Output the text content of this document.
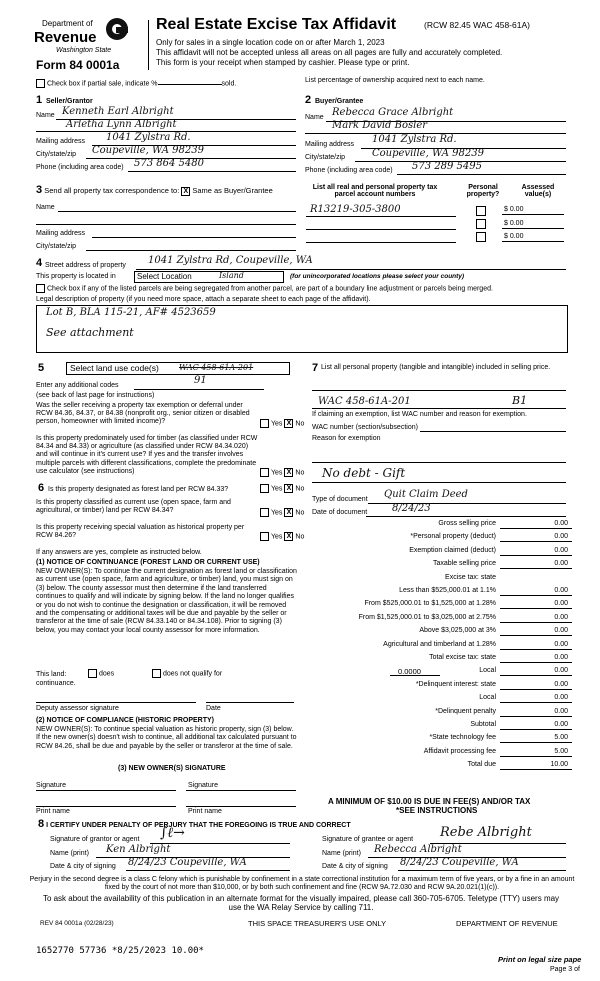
Department of
Revenue
Washington State
Form 84 0001a
Real Estate Excise Tax Affidavit	(RCW 82.45 WAC 458-61A)
Only for sales in a single location code on or after March 1, 2023
This affidavit will not be accepted unless all areas on all pages are fully and accurately completed.
This form is your receipt when stamped by cashier. Please type or print.
Check box if partial sale, indicate %	sold.	List percentage of ownership acquired next to each name.
1 Seller/Grantor
Name Kenneth Earl Albright
Arletha Lynn Albright
Mailing address 1041 Zylstra Rd.
City/state/zip Coupeville, WA 98239
Phone (including area code) 573 864 5480
2 Buyer/Grantee
Name Rebecca Grace Albright
Mark David Bosler
Mailing address 1041 Zylstra Rd.
City/state/zip	Coupeville, WA 98239
Phone (including area code) 573 289 5495
3 Send all property tax correspondence to: X Same as Buyer/Grantee
Name
Mailing address
City/state/zip
List all real and personal property tax parcel account numbers
Personal property?
Assessed value(s)
R13219-305-3800	$ 0.00
$ 0.00
$ 0.00
4 Street address of property 1041 Zylstra Rd, Coupeville, WA
This property is located in	Select Location	Island	(for unincorporated locations please select your county)
Check box if any of the listed parcels are being segregated from another parcel, are part of a boundary line adjustment or parcels being merged.
Legal description of property (if you need more space, attach a separate sheet to each page of the affidavit).
Lot B, BLA 115-21, AF# 4523659
See attachment
5	Select land use code(s)	WAC 458-61A-201
Enter any additional codes	91
(see back of last page for instructions)
Was the seller receiving a property tax exemption or deferral under RCW 84.36, 84.37, or 84.38 (nonprofit org., senior citizen or disabled person, homeowner with limited income)?	Yes X No
Is this property predominately used for timber (as classified under RCW 84.34 and 84.33) or agriculture (as classified under RCW 84.34.020) and will continue in it's current use? If yes and the transfer involves multiple parcels with different classifications, complete the predominate use calculator (see instructions)	Yes X No
6 Is this property designated as forest land per RCW 84.33?	Yes X No
Is this property classified as current use (open space, farm and agricultural, or timber) land per RCW 84.34?	Yes X No
Is this property receiving special valuation as historical property per RCW 84.26?	Yes X No
If any answers are yes, complete as instructed below.
(1) NOTICE OF CONTINUANCE (FOREST LAND OR CURRENT USE)
NEW OWNER(S): To continue the current designation as forest land or classification as current use (open space, farm and agriculture, or timber) land, you must sign on (3) below. The county assessor must then determine if the land transferred continues to qualify and will indicate by signing below. If the land no longer qualifies or you do not wish to continue the designation or classification, it will be removed and the compensating or additional taxes will be due and payable by the seller or transferor at the time of sale (RCW 84.33.140 or 84.34.108). Prior to signing (3) below, you may contact your local county assessor for more information.
This land:	does	does not qualify for
continuance.
Deputy assessor signature	Date
(2) NOTICE OF COMPLIANCE (HISTORIC PROPERTY)
NEW OWNER(S): To continue special valuation as historic property, sign (3) below. If the new owner(s) doesn't wish to continue, all additional tax calculated pursuant to RCW 84.26, shall be due and payable by the seller or transferor at the time of sale.
(3) NEW OWNER(S) SIGNATURE
Signature	Signature
Print name	Print name
7 List all personal property (tangible and intangible) included in selling price.
WAC 458-61A-201	B1
If claiming an exemption, list WAC number and reason for exemption.
WAC number (section/subsection)
Reason for exemption
No debt - Gift
Type of document Quit Claim Deed
Date of document 8/24/23
Gross selling price	0.00
*Personal property (deduct)	0.00
Exemption claimed (deduct)	0.00
Taxable selling price	0.00
Excise tax: state
Less than $525,000.01 at 1.1%	0.00
From $525,000.01 to $1,525,000 at 1.28%	0.00
From $1,525,000.01 to $3,025,000 at 2.75%	0.00
Above $3,025,000 at 3%	0.00
Agricultural and timberland at 1.28%	0.00
Total excise tax: state	0.00
Local	0.00
0.0000
*Delinquent interest: state	0.00
Local	0.00
*Delinquent penalty	0.00
Subtotal	0.00
*State technology fee	5.00
Affidavit processing fee	5.00
Total due	10.00
A MINIMUM OF $10.00 IS DUE IN FEE(S) AND/OR TAX
*SEE INSTRUCTIONS
8 I CERTIFY UNDER PENALTY OF PERJURY THAT THE FOREGOING IS TRUE AND CORRECT
Signature of grantor or agent ∫ℓ→
Name (print) Ken Albright
Date & city of signing 8/24/23 Coupeville, WA
Signature of grantee or agent Rebe Albright
Name (print) Rebecca Albright
Date & city of signing 8/24/23 Coupeville, WA
Perjury in the second degree is a class C felony which is punishable by confinement in a state correctional institution for a maximum term of five years, or by a fine in an amount fixed by the court of not more than $10,000, or by both such confinement and fine (RCW 9A.72.030 and RCW 9A.20.021(1)(c)).
To ask about the availability of this publication in an alternate format for the visually impaired, please call 360-705-6705. Teletype (TTY) users may use the WA Relay Service by calling 711.
REV 84 0001a (02/28/23)	THIS SPACE TREASURER'S USE ONLY	DEPARTMENT OF REVENUE
1652770 57736 *8/25/2023 10.00*
Print on legal size pape
Page 3 of
